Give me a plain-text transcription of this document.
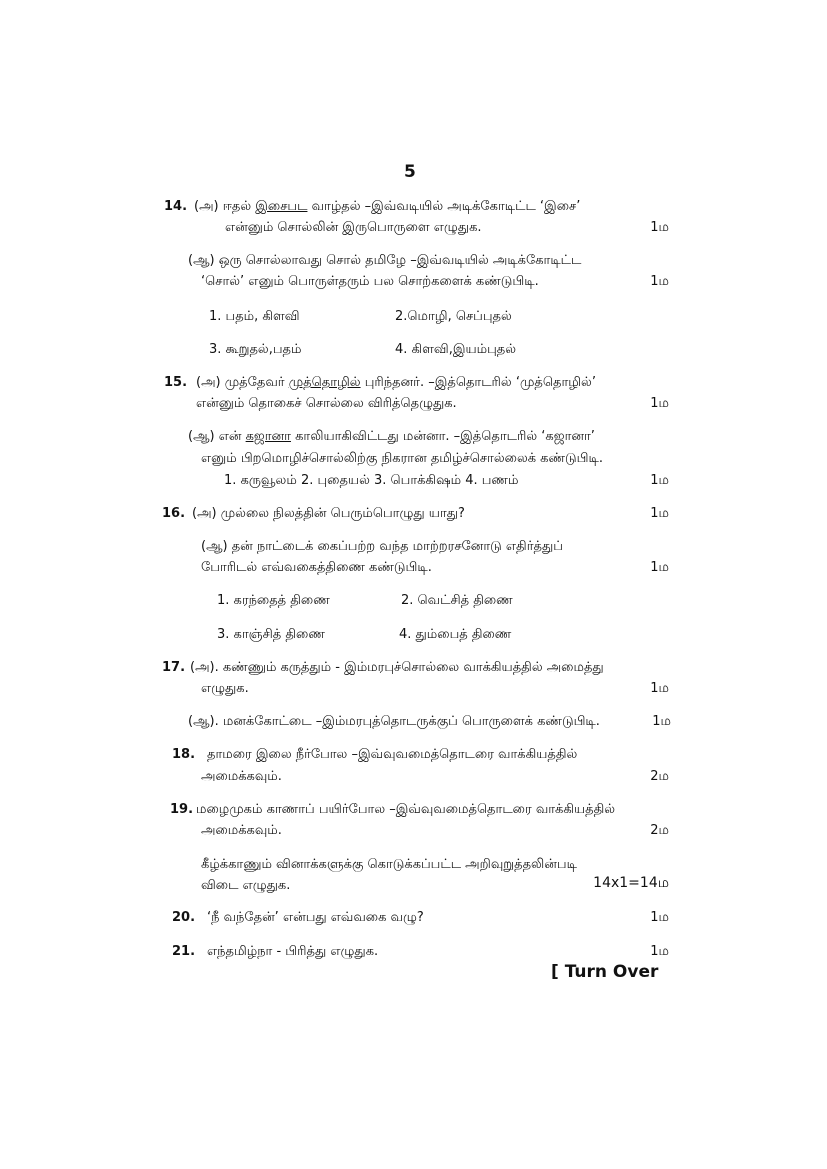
5
14. (அ) ஈதல் இசைபட வாழ்தல் –இவ்வடியில் அடிக்கோடிட்ட ‘இசை’
என்னும் சொல்லின் இருபொருளை எழுதுக.	1ம
(ஆ) ஒரு சொல்லாவது சொல் தமிழே –இவ்வடியில் அடிக்கோடிட்ட
‘சொல்’ எனும் பொருள்தரும் பல சொற்களைக் கண்டுபிடி.	1ம
1. பதம், கிளவி	2.மொழி, செப்புதல்
3. கூறுதல்,பதம்	4. கிளவி,இயம்புதல்
15. (அ) முத்தேவர் முத்தொழில் புரிந்தனர். –இத்தொடரில் ‘முத்தொழில்’
என்னும் தொகைச் சொல்லை விரித்தெழுதுக.	1ம
(ஆ) என் கஜானா காலியாகிவிட்டது மன்னா. –இத்தொடரில் ‘கஜானா’
எனும் பிறமொழிச்சொல்லிற்கு நிகரான தமிழ்ச்சொல்லைக் கண்டுபிடி.
1. கருவூலம் 2. புதையல் 3. பொக்கிஷம் 4. பணம்	1ம
16. (அ) முல்லை நிலத்தின் பெரும்பொழுது யாது?	1ம
(ஆ) தன் நாட்டைக் கைப்பற்ற வந்த மாற்றரசனோடு எதிர்த்துப்
போரிடல் எவ்வகைத்திணை கண்டுபிடி.	1ம
1. கரந்தைத் திணை	2. வெட்சித் திணை
3. காஞ்சித் திணை	4. தும்பைத் திணை
17. (அ). கண்ணும் கருத்தும் - இம்மரபுச்சொல்லை வாக்கியத்தில் அமைத்து
எழுதுக.	1ம
(ஆ). மனக்கோட்டை –இம்மரபுத்தொடருக்குப் பொருளைக் கண்டுபிடி.	1ம
18. தாமரை இலை நீர்போல –இவ்வுவமைத்தொடரை வாக்கியத்தில்
அமைக்கவும்.	2ம
19. மழைமுகம் காணாப் பயிர்போல –இவ்வுவமைத்தொடரை வாக்கியத்தில்
அமைக்கவும்.	2ம
கீழ்க்காணும் வினாக்களுக்கு கொடுக்கப்பட்ட அறிவுறுத்தலின்படி
விடை எழுதுக.	14x1=14ம
20. ‘நீ வந்தேன்’ என்பது எவ்வகை வழு?	1ம
21. எந்தமிழ்நா - பிரித்து எழுதுக.	1ம
[ Turn Over
